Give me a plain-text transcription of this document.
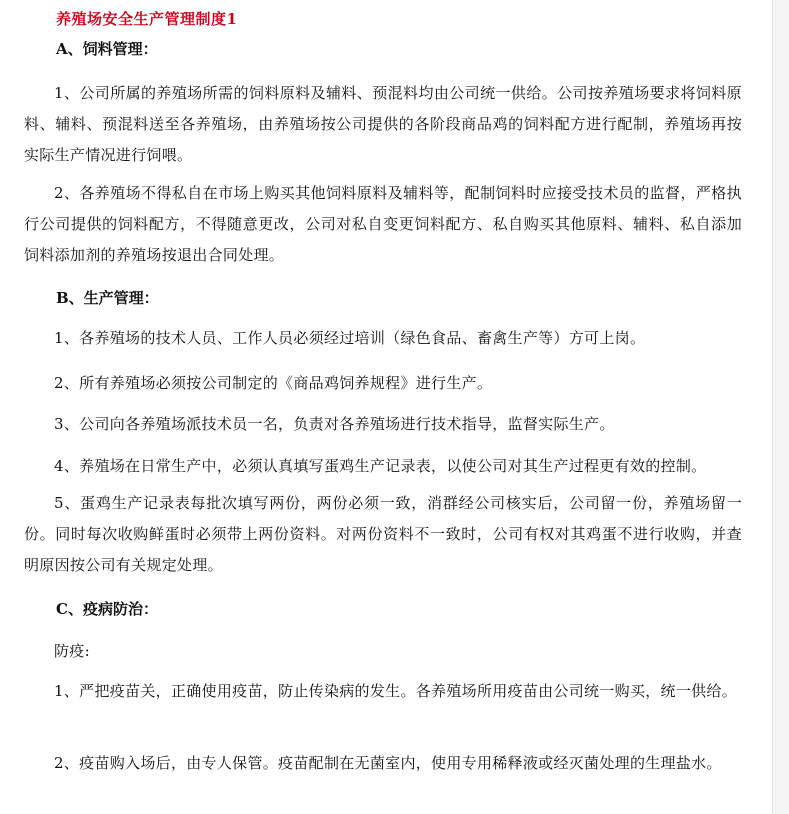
养殖场安全生产管理制度1
A、饲料管理：
1、公司所属的养殖场所需的饲料原料及辅料、预混料均由公司统一供给。公司按养殖场要求将饲料原料、辅料、预混料送至各养殖场，由养殖场按公司提供的各阶段商品鸡的饲料配方进行配制，养殖场再按实际生产情况进行饲喂。
2、各养殖场不得私自在市场上购买其他饲料原料及辅料等，配制饲料时应接受技术员的监督，严格执行公司提供的饲料配方，不得随意更改，公司对私自变更饲料配方、私自购买其他原料、辅料、私自添加饲料添加剂的养殖场按退出合同处理。
B、生产管理：
1、各养殖场的技术人员、工作人员必须经过培训（绿色食品、畜禽生产等）方可上岗。
2、所有养殖场必须按公司制定的《商品鸡饲养规程》进行生产。
3、公司向各养殖场派技术员一名，负责对各养殖场进行技术指导，监督实际生产。
4、养殖场在日常生产中，必须认真填写蛋鸡生产记录表，以使公司对其生产过程更有效的控制。
5、蛋鸡生产记录表每批次填写两份，两份必须一致，消群经公司核实后，公司留一份，养殖场留一份。同时每次收购鲜蛋时必须带上两份资料。对两份资料不一致时，公司有权对其鸡蛋不进行收购，并查明原因按公司有关规定处理。
C、疫病防治：
防疫:
1、严把疫苗关，正确使用疫苗，防止传染病的发生。各养殖场所用疫苗由公司统一购买，统一供给。
2、疫苗购入场后，由专人保管。疫苗配制在无菌室内，使用专用稀释液或经灭菌处理的生理盐水。
